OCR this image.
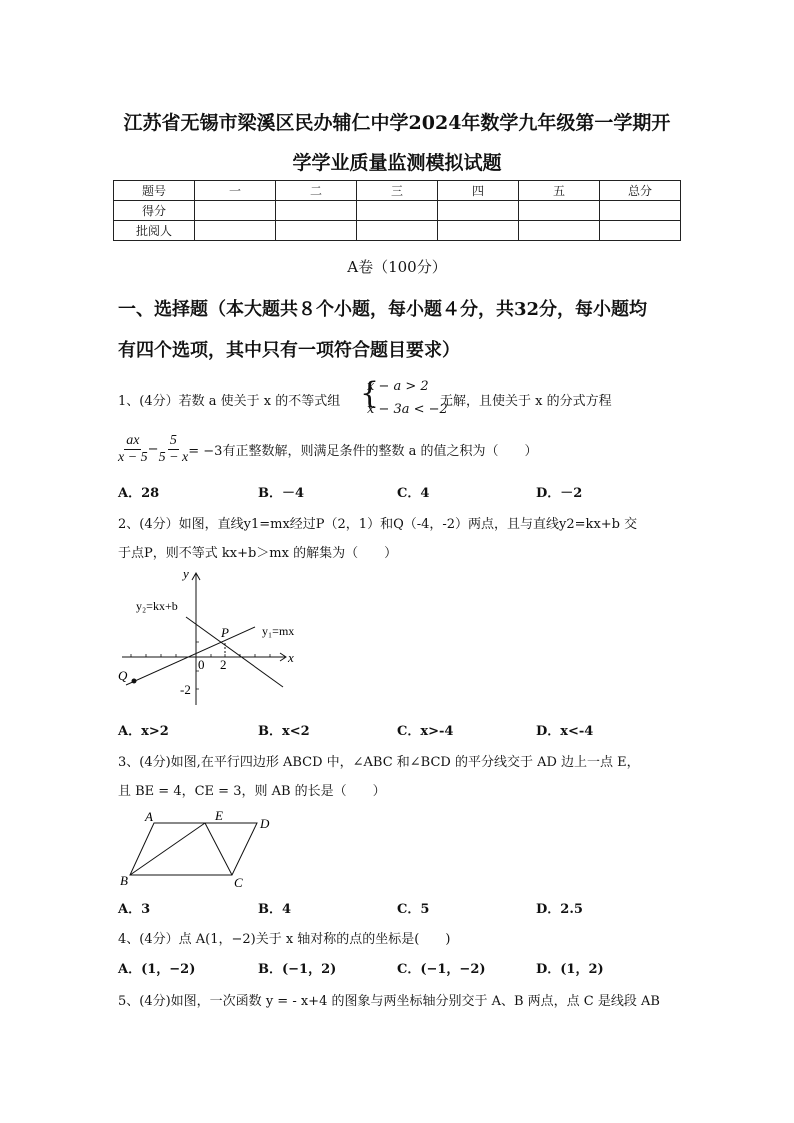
江苏省无锡市梁溪区民办辅仁中学2024年数学九年级第一学期开
学学业质量监测模拟试题
题号	一	二	三	四	五	总分
得分						
批阅人						
A卷（100分）
一、选择题（本大题共８个小题，每小题４分，共32分，每小题均
有四个选项，其中只有一项符合题目要求）
1、(4分）若数 a 使关于 x 的不等式组 {
x − a > 2
x − 3a < −2
无解，且使关于 x 的分式方程
$\frac{ax}{x - 5} - \frac{5}{5 - x} = -3$有正整数解，则满足条件的整数 a 的值之积为（　　）
A．28	B．－4	C．4	D．－2
2、(4分）如图，直线y1=mx经过P（2，1）和Q（-4，-2）两点，且与直线y2=kx+b 交
于点P，则不等式 kx+b＞mx 的解集为（　　）
y
x
y₂=kx+b
y₁=mx
P
Q
0 2
-2
A．x>2	B．x<2	C．x>-4	D．x<-4
3、(4分)如图,在平行四边形 ABCD 中，∠ABC 和∠BCD 的平分线交于 AD 边上一点 E，
且 BE = 4，CE = 3，则 AB 的长是（　　）
A	E
D
B	C
A．3	B．4	C．5	D．2.5
4、(4分）点 A(1，−2)关于 x 轴对称的点的坐标是(　　)
A．(1，−2)	B．(−1，2)	C．(−1，−2)	D．(1，2)
5、(4分)如图，一次函数 y = - x+4 的图象与两坐标轴分别交于 A、B 两点，点 C 是线段 AB
